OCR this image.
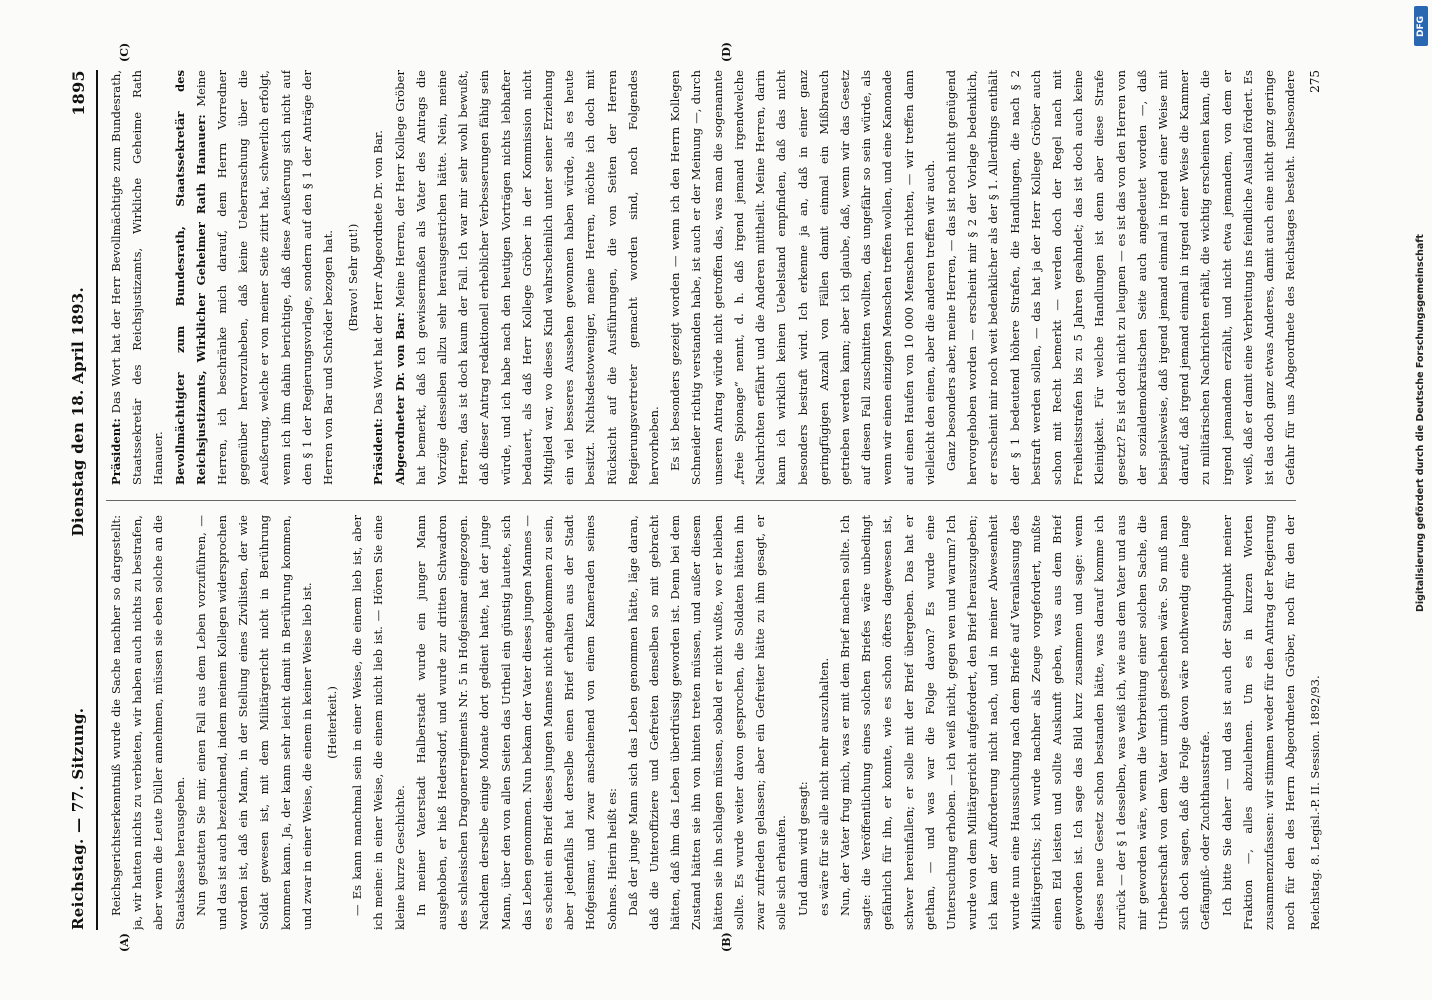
Reichstag. — 77. Sitzung.
Dienstag den 18. April 1893.
1895
(A)	(B)
(C)	(D)

Reichsgerichtserkenntniß wurde die Sache nachher so dargestellt: ja, wir hatten nichts zu verbieten, wir haben auch nichts zu bestrafen, aber wenn die Leute Düller annehmen, müssen sie eben solche an die Staatskasse herausgeben. Nun gestatten Sie mir, einen Fall aus dem Leben vorzuführen, — und das ist auch bezeichnend, indem meinem Kollegen widersprochen worden ist, daß ein Mann, in der Stellung eines Zivilisten, der wie Soldat gewesen ist, mit dem Militärgericht nicht in Berührung kommen kann. Ja, der kann sehr leicht damit in Berührung kommen, und zwar in einer Weise, die einem in keiner Weise lieb ist. (Heiterkeit.) — Es kann manchmal sein in einer Weise, die einem lieb ist, aber ich meine: in einer Weise, die einem nicht lieb ist. — Hören Sie eine kleine kurze Geschichte. In meiner Vaterstadt Halberstadt wurde ein junger Mann ausgehoben, er hieß Hedersdorf, und wurde zur dritten Schwadron des schlesischen Dragonerregiments Nr. 5 in Hofgeismar eingezogen. Nachdem derselbe einige Monate dort gedient hatte, hat der junge Mann, über den von allen Seiten das Urtheil ein günstig lautete, sich das Leben genommen. Nun bekam der Vater dieses jungen Mannes — es scheint ein Brief dieses jungen Mannes nicht angekommen zu sein, aber jedenfalls hat derselbe einen Brief erhalten aus der Stadt Hofgeismar, und zwar anscheinend von einem Kameraden seines Sohnes. Hierin heißt es: Daß der junge Mann sich das Leben genommen hätte, läge daran, daß die Unteroffiziere und Gefreiten denselben so mit gebracht hätten, daß ihm das Leben überdrüssig geworden ist. Denn bei dem Zustand hätten sie ihn von hinten treten müssen, und außer diesem hätten sie ihn schlagen müssen, sobald er nicht wußte, wo er bleiben sollte. Es wurde weiter davon gesprochen, die Soldaten hätten ihn zwar zufrieden gelassen; aber ein Gefreiter hätte zu ihm gesagt, er solle sich erhaufen. Und dann wird gesagt: es wäre für sie alle nicht mehr auszuhalten. Nun, der Vater frug mich, was er mit dem Brief machen sollte. Ich sagte: die Veröffentlichung eines solchen Briefes wäre unbedingt gefährlich für ihn, er konnte, wie es schon öfters dagewesen ist, schwer hereinfallen; er solle mit der Brief übergeben. Das hat er gethan, — und was war die Folge davon? Es wurde eine Untersuchung erhoben. — ich weiß nicht, gegen wen und warum? Ich wurde von dem Militärgericht aufgefordert, den Brief herauszugeben; ich kam der Aufforderung nicht nach, und in meiner Abwesenheit wurde nun eine Haussuchung nach dem Briefe auf Veranlassung des Militärgerichts; ich wurde nachher als Zeuge vorgefordert, mußte einen Eid leisten und sollte Auskunft geben, was aus dem Brief geworden ist. Ich sage das Bild kurz zusammen und sage: wenn dieses neue Gesetz schon bestanden hätte, was darauf komme ich zurück — der § 1 desselben, was weiß ich, wie aus dem Vater und aus mir geworden wäre, wenn die Verbreitung einer solchen Sache, die Urheberschaft von dem Vater urmich geschehen wäre. So muß man sich doch sagen, daß die Folge davon wäre nothwendig eine lange Gefängniß- oder Zuchthausstrafe. Ich bitte Sie daher — und das ist auch der Standpunkt meiner Fraktion —, alles abzulehnen. Um es in kurzen Worten zusammenzufassen: wir stimmen weder für den Antrag der Regierung noch für den des Herrn Abgeordneten Gröber, noch für den der

Präsident: Das Wort hat der Herr Bevollmächtigte zum Bundesrath, Staatssekretär des Reichsjustizamts, Wirkliche Geheime Rath Hanauer. Bevollmächtigter zum Bundesrath, Staatssekretär des Reichsjustizamts, Wirklicher Geheimer Rath Hanauer: Meine Herren, ich beschränke mich darauf, dem Herrn Vorredner gegenüber hervorzuheben, daß keine Ueberraschung über die Aeußerung, welche er von meiner Seite zitirt hat, schwerlich erfolgt, wenn ich ihm dahin berichtige, daß diese Aeußerung sich nicht auf den § 1 der Regierungsvorlage, sondern auf den § 1 der Anträge der Herren von Bar und Schröder bezogen hat. (Bravo! Sehr gut!)

Präsident: Das Wort hat der Herr Abgeordnete Dr. von Bar. Abgeordneter Dr. von Bar: Meine Herren, der Herr Kollege Gröber hat bemerkt, daß ich gewissermaßen als Vater des Antrags die Vorzüge desselben allzu sehr herausgestrichen hätte. Nein, meine Herren, das ist doch kaum der Fall. Ich war mir sehr wohl bewußt, daß dieser Antrag redaktionell erheblicher Verbesserungen fähig sein würde, und ich habe nach den heutigen Vorträgen nichts lebhafter bedauert, als daß Herr Kollege Gröber in der Kommission nicht Mitglied war, wo dieses Kind wahrscheinlich unter seiner Erziehung ein viel besseres Aussehen gewonnen haben würde, als es heute besitzt. Nichtsdestoweniger, meine Herren, möchte ich doch mit Rücksicht auf die Ausführungen, die von Seiten der Herren Regierungsvertreter gemacht worden sind, noch Folgendes hervorheben. Es ist besonders gezeigt worden — wenn ich den Herrn Kollegen Schneider richtig verstanden habe, ist auch er der Meinung —, durch unseren Antrag würde nicht getroffen das, was man die sogenannte „freie Spionage“ nennt, d. h. daß irgend jemand irgendwelche Nachrichten erfährt und die Anderen mittheilt. Meine Herren, darin kann ich wirklich keinen Uebelstand empfinden, daß das nicht besonders bestraft wird. Ich erkenne ja an, daß in einer ganz geringfügigen Anzahl von Fällen damit einmal ein Mißbrauch getrieben werden kann; aber ich glaube, daß, wenn wir das Gesetz auf diesen Fall zuschnitten wollten, das ungefähr so sein würde, als wenn wir einen einzigen Menschen treffen wollen, und eine Kanonade auf einen Haufen von 10 000 Menschen richten, — wir treffen dann vielleicht den einen, aber die anderen treffen wir auch. Ganz besonders aber, meine Herren, — das ist noch nicht genügend hervorgehoben worden — erscheint mir § 2 der Vorlage bedenklich, er erscheint mir noch weit bedenklicher als der § 1. Allerdings enthält der § 1 bedeutend höhere Strafen, die Handlungen, die nach § 2 bestraft werden sollen, — das hat ja der Herr Kollege Gröber auch schon mit Recht bemerkt — werden doch der Regel nach mit Freiheitsstrafen bis zu 5 Jahren geahndet; das ist doch auch keine Kleinigkeit. Für welche Handlungen ist denn aber diese Strafe gesetzt? Es ist doch nicht zu leugnen — es ist das von den Herren von der sozialdemokratischen Seite auch angedeutet worden —, daß beispielsweise, daß irgend jemand einmal in irgend einer Weise mit darauf, daß irgend jemand einmal in irgend einer Weise die Kammer zu militärischen Nachrichten erhält, die wichtig erscheinen kann, die irgend jemandem erzählt, und nicht etwa jemandem, von dem er weiß, daß er damit eine Verbreitung ins feindliche Ausland fördert. Es ist das doch ganz etwas Anderes, damit auch eine nicht ganz geringe Gefahr für uns Abgeordnete des Reichstages besteht. Insbesondere

Reichstag. 8. Legisl.-P. II. Session. 1892/93.
275
DFG
Digitalisierung gefördert durch die Deutsche Forschungsgemeinschaft
